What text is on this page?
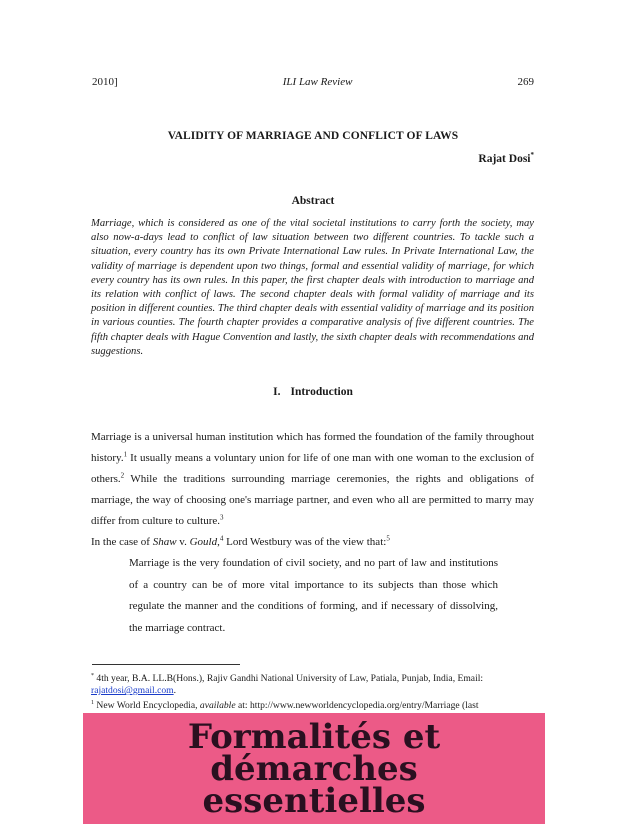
2010]	ILI Law Review	269
VALIDITY OF MARRIAGE AND CONFLICT OF LAWS
Rajat Dosi*
Abstract
Marriage, which is considered as one of the vital societal institutions to carry forth the society, may also now-a-days lead to conflict of law situation between two different countries. To tackle such a situation, every country has its own Private International Law rules. In Private International Law, the validity of marriage is dependent upon two things, formal and essential validity of marriage, for which every country has its own rules. In this paper, the first chapter deals with introduction to marriage and its relation with conflict of laws. The second chapter deals with formal validity of marriage and its position in different counties. The third chapter deals with essential validity of marriage and its position in various counties. The fourth chapter provides a comparative analysis of five different countries. The fifth chapter deals with Hague Convention and lastly, the sixth chapter deals with recommendations and suggestions.
I. Introduction
Marriage is a universal human institution which has formed the foundation of the family throughout history.$^1$ It usually means a voluntary union for life of one man with one woman to the exclusion of others.$^2$ While the traditions surrounding marriage ceremonies, the rights and obligations of marriage, the way of choosing one's marriage partner, and even who all are permitted to marry may differ from culture to culture.$^3$
In the case of Shaw v. Gould,$^4$ Lord Westbury was of the view that:$^5$
Marriage is the very foundation of civil society, and no part of law and institutions of a country can be of more vital importance to its subjects than those which regulate the manner and the conditions of forming, and if necessary of dissolving, the marriage contract.

* 4th year, B.A. LL.B(Hons.), Rajiv Gandhi National University of Law, Patiala, Punjab, India, Email:
rajatdosi@gmail.com.

$^1$ New World Encyclopedia, available at: http://www.newworldencyclopedia.org/entry/Marriage (last

Formalités et
démarches
essentielles
